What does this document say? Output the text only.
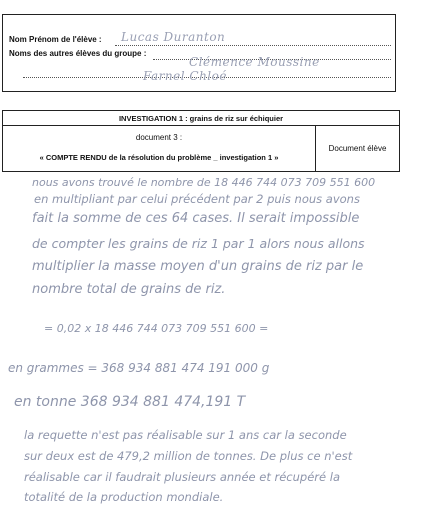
Nom Prénom de l'élève : Lucas Duranton
Noms des autres élèves du groupe :
Clémence Moussine
Farnel Chloé
INVESTIGATION 1 : grains de riz sur échiquier
document 3 :
« COMPTE RENDU de la résolution du problème _ investigation 1 »
Document élève
nous avons trouvé le nombre de 18 446 744 073 709 551 600
en multipliant par celui précédent par 2 puis nous avons
fait la somme de ces 64 cases. Il serait impossible
de compter les grains de riz 1 par 1 alors nous allons
multiplier la masse moyen d'un grains de riz par le
nombre total de grains de riz.
= 0,02 x 18 446 744 073 709 551 600 =
en grammes = 368 934 881 474 191 000 g
en tonne 368 934 881 474,191 T
la requette n'est pas réalisable sur 1 ans car la seconde
sur deux est de 479,2 million de tonnes. De plus ce n'est
réalisable car il faudrait plusieurs année et récupéré la
totalité de la production mondiale.
